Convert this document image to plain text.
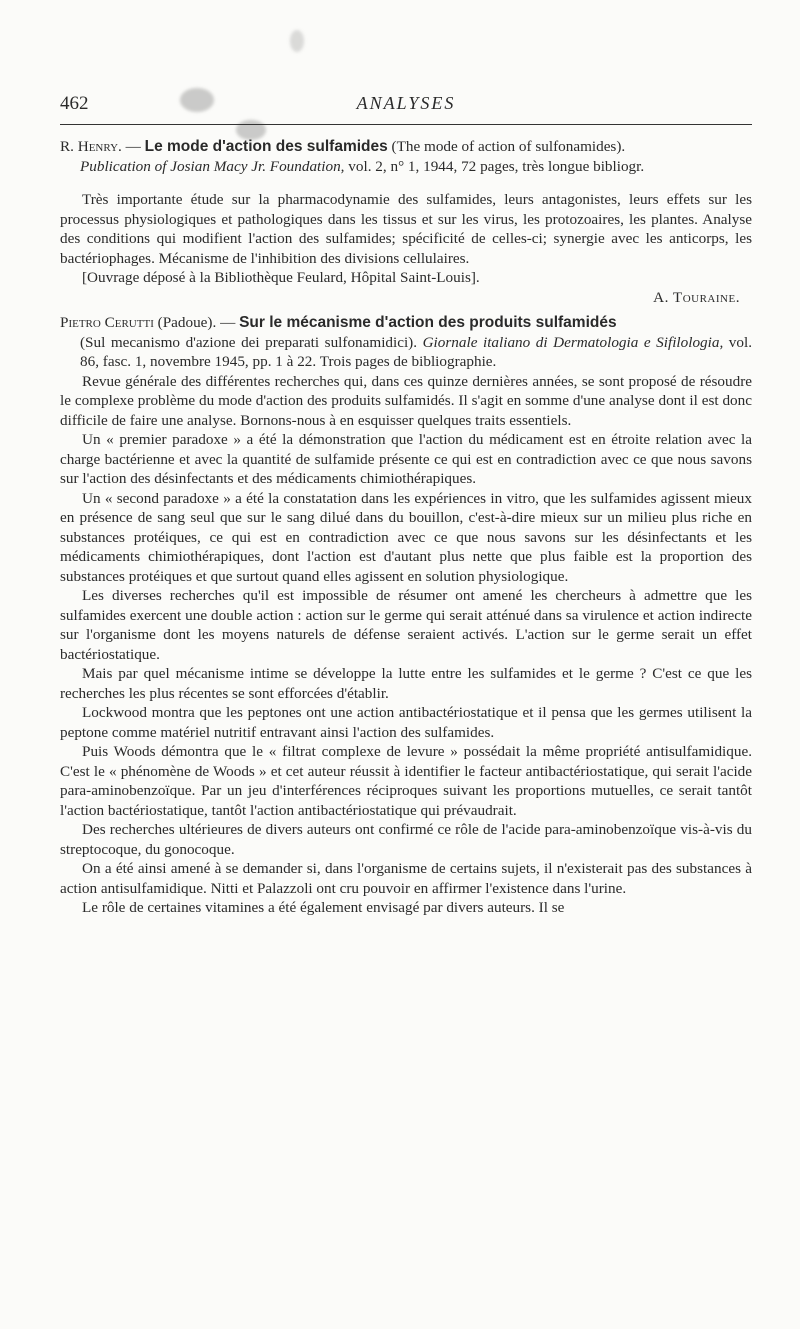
462	ANALYSES

R. Henry. — Le mode d'action des sulfamides (The mode of action of sulfonamides).

Publication of Josian Macy Jr. Foundation, vol. 2, n° 1, 1944, 72 pages, très longue bibliogr.

Très importante étude sur la pharmacodynamie des sulfamides, leurs antagonistes, leurs effets sur les processus physiologiques et pathologiques dans les tissus et sur les virus, les protozoaires, les plantes. Analyse des conditions qui modifient l'action des sulfamides; spécificité de celles-ci; synergie avec les anticorps, les bactériophages. Mécanisme de l'inhibition des divisions cellulaires.

[Ouvrage déposé à la Bibliothèque Feulard, Hôpital Saint-Louis].

A. Touraine.

Pietro Cerutti (Padoue). — Sur le mécanisme d'action des produits sulfamidés

(Sul mecanismo d'azione dei preparati sulfonamidici). Giornale italiano di Dermatologia e Sifilologia, vol. 86, fasc. 1, novembre 1945, pp. 1 à 22. Trois pages de bibliographie.

Revue générale des différentes recherches qui, dans ces quinze dernières années, se sont proposé de résoudre le complexe problème du mode d'action des produits sulfamidés. Il s'agit en somme d'une analyse dont il est donc difficile de faire une analyse. Bornons-nous à en esquisser quelques traits essentiels.

Un « premier paradoxe » a été la démonstration que l'action du médicament est en étroite relation avec la charge bactérienne et avec la quantité de sulfamide présente ce qui est en contradiction avec ce que nous savons sur l'action des désinfectants et des médicaments chimiothérapiques.

Un « second paradoxe » a été la constatation dans les expériences in vitro, que les sulfamides agissent mieux en présence de sang seul que sur le sang dilué dans du bouillon, c'est-à-dire mieux sur un milieu plus riche en substances protéiques, ce qui est en contradiction avec ce que nous savons sur les désinfectants et les médicaments chimiothérapiques, dont l'action est d'autant plus nette que plus faible est la proportion des substances protéiques et que surtout quand elles agissent en solution physiologique.

Les diverses recherches qu'il est impossible de résumer ont amené les chercheurs à admettre que les sulfamides exercent une double action : action sur le germe qui serait atténué dans sa virulence et action indirecte sur l'organisme dont les moyens naturels de défense seraient activés. L'action sur le germe serait un effet bactériostatique.

Mais par quel mécanisme intime se développe la lutte entre les sulfamides et le germe ? C'est ce que les recherches les plus récentes se sont efforcées d'établir.

Lockwood montra que les peptones ont une action antibactériostatique et il pensa que les germes utilisent la peptone comme matériel nutritif entravant ainsi l'action des sulfamides.

Puis Woods démontra que le « filtrat complexe de levure » possédait la même propriété antisulfamidique. C'est le « phénomène de Woods » et cet auteur réussit à identifier le facteur antibactériostatique, qui serait l'acide para-aminobenzoïque. Par un jeu d'interférences réciproques suivant les proportions mutuelles, ce serait tantôt l'action bactériostatique, tantôt l'action antibactériostatique qui prévaudrait.

Des recherches ultérieures de divers auteurs ont confirmé ce rôle de l'acide para-aminobenzoïque vis-à-vis du streptocoque, du gonocoque.

On a été ainsi amené à se demander si, dans l'organisme de certains sujets, il n'existerait pas des substances à action antisulfamidique. Nitti et Palazzoli ont cru pouvoir en affirmer l'existence dans l'urine.

Le rôle de certaines vitamines a été également envisagé par divers auteurs. Il se
